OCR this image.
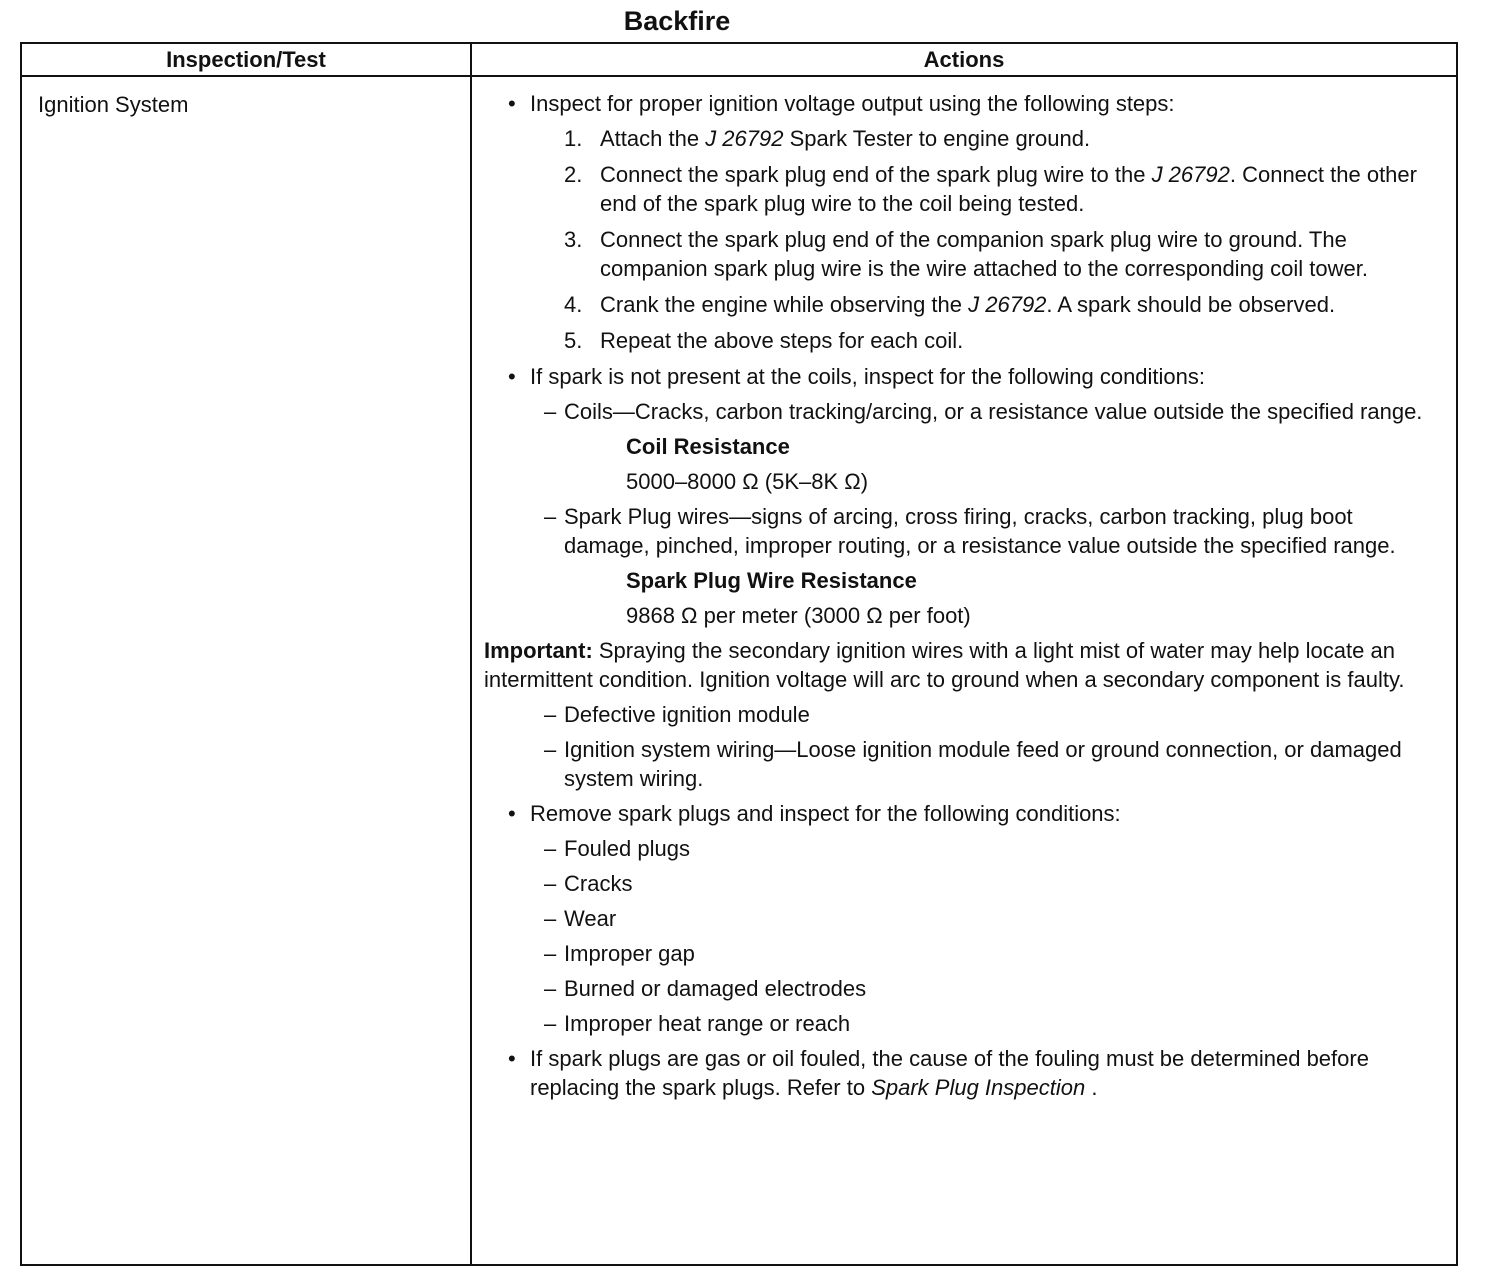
Backfire
Inspection/Test	Actions
Ignition System
•	Inspect for proper ignition voltage output using the following steps:
1. Attach the J 26792 Spark Tester to engine ground.
2. Connect the spark plug end of the spark plug wire to the J 26792. Connect the other end of the spark plug wire to the coil being tested.
3. Connect the spark plug end of the companion spark plug wire to ground. The companion spark plug wire is the wire attached to the corresponding coil tower.
4. Crank the engine while observing the J 26792. A spark should be observed.
5. Repeat the above steps for each coil.
• If spark is not present at the coils, inspect for the following conditions:
– Coils—Cracks, carbon tracking/arcing, or a resistance value outside the specified range.
Coil Resistance
5000–8000 Ω (5K–8K Ω)
– Spark Plug wires—signs of arcing, cross firing, cracks, carbon tracking, plug boot damage, pinched, improper routing, or a resistance value outside the specified range.
Spark Plug Wire Resistance
9868 Ω per meter (3000 Ω per foot)
Important: Spraying the secondary ignition wires with a light mist of water may help locate an intermittent condition. Ignition voltage will arc to ground when a secondary component is faulty.
– Defective ignition module
– Ignition system wiring—Loose ignition module feed or ground connection, or damaged system wiring.
• Remove spark plugs and inspect for the following conditions:
– Fouled plugs
– Cracks
– Wear
– Improper gap
– Burned or damaged electrodes
– Improper heat range or reach
• If spark plugs are gas or oil fouled, the cause of the fouling must be determined before replacing the spark plugs. Refer to Spark Plug Inspection .
